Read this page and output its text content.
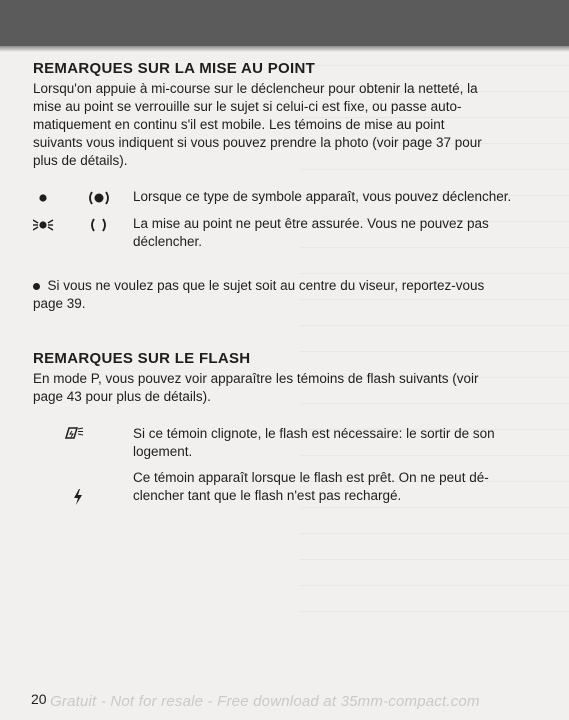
REMARQUES SUR LA MISE AU POINT
Lorsqu'on appuie à mi-course sur le déclencheur pour obtenir la netteté, la
mise au point se verrouille sur le sujet si celui-ci est fixe, ou passe auto-
matiquement en continu s'il est mobile. Les témoins de mise au point
suivants vous indiquent si vous pouvez prendre la photo (voir page 37 pour
plus de détails).
Lorsque ce type de symbole apparaît, vous pouvez déclencher.
La mise au point ne peut être assurée. Vous ne pouvez pas
déclencher.
Si vous ne voulez pas que le sujet soit au centre du viseur, reportez-vous
page 39.
REMARQUES SUR LE FLASH
En mode P, vous pouvez voir apparaître les témoins de flash suivants (voir
page 43 pour plus de détails).
Si ce témoin clignote, le flash est nécessaire: le sortir de son
logement.
Ce témoin apparaît lorsque le flash est prêt. On ne peut dé-
clencher tant que le flash n'est pas rechargé.
Gratuit - Not for resale - Free download at 35mm-compact.com
20
